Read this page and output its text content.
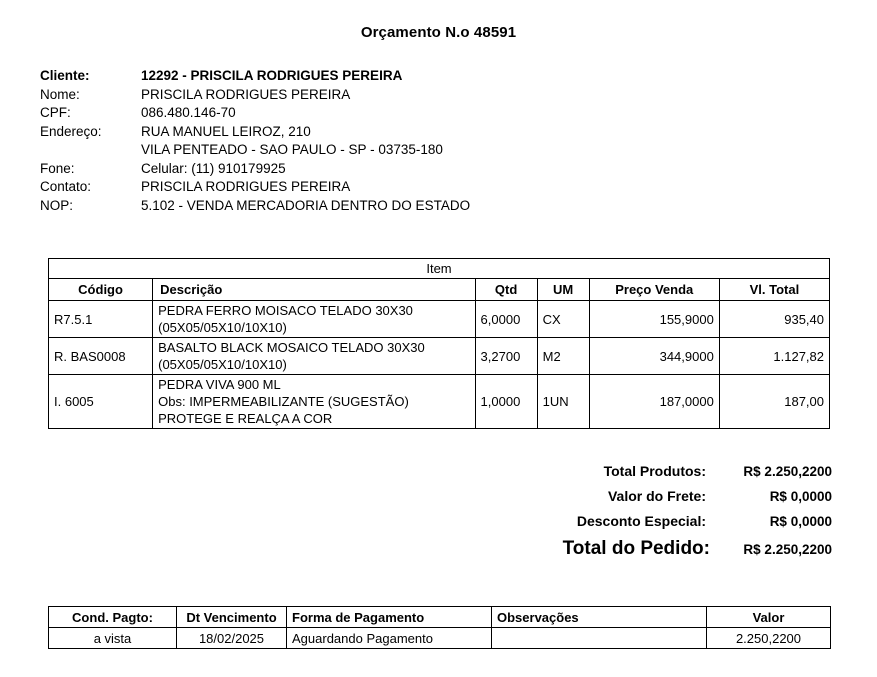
Orçamento N.o 48591
Cliente:	12292 - PRISCILA RODRIGUES PEREIRA
Nome:	PRISCILA RODRIGUES PEREIRA
CPF:	086.480.146-70
Endereço:	RUA MANUEL LEIROZ, 210
VILA PENTEADO - SAO PAULO - SP - 03735-180
Fone:	Celular: (11) 910179925
Contato:	PRISCILA RODRIGUES PEREIRA
NOP:	5.102 - VENDA MERCADORIA DENTRO DO ESTADO
Item					
Código	Descrição	Qtd	UM	Preço Venda	Vl. Total
R7.5.1	PEDRA FERRO MOISACO TELADO 30X30
(05X05/05X10/10X10)	6,0000	CX	155,9000	935,40
R. BAS0008	BASALTO BLACK MOSAICO TELADO 30X30
(05X05/05X10/10X10)	3,2700	M2	344,9000	1.127,82
I. 6005	PEDRA VIVA 900 ML
Obs: IMPERMEABILIZANTE (SUGESTÃO)
PROTEGE E REALÇA A COR	1,0000	1UN	187,0000	187,00
Total Produtos:	R$ 2.250,2200
Valor do Frete:	R$ 0,0000
Desconto Especial:	R$ 0,0000
Total do Pedido:	R$ 2.250,2200
Cond. Pagto:	Dt Vencimento	Forma de Pagamento	Observações	Valor
a vista	18/02/2025	Aguardando Pagamento		2.250,2200
